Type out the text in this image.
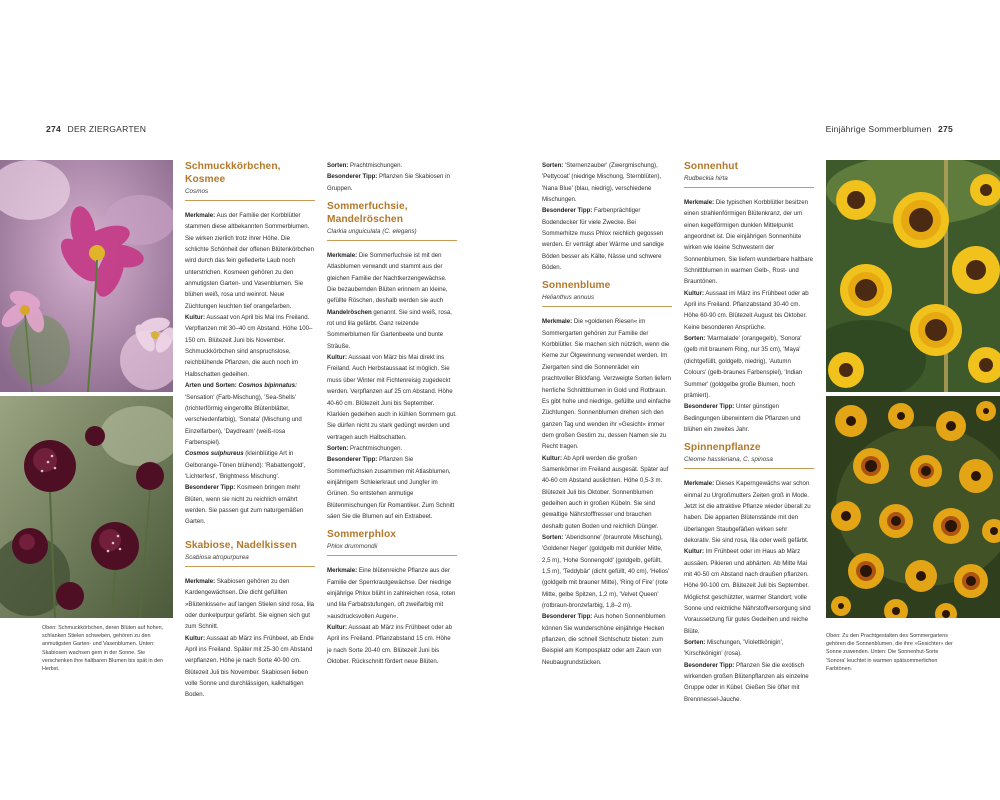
274 DER ZIERGARTEN	Einjährige Sommerblumen 275
Oben: Schmuckkörbchen, deren Blüten auf hohen, schlanken Stielen schweben, gehören zu den anmutigsten Garten- und Vasenblumen. Unten: Skabiosen wachsen gern in der Sonne. Sie verschenken ihre haltbaren Blumen bis spät in den Herbst.
Schmuckkörbchen, Kosmee
Cosmos

Merkmale: Aus der Familie der Korbblütler stammen diese altbekannten Sommerblumen. Sie wirken zierlich trotz ihrer Höhe. Die schlichte Schönheit der offenen Blütenkörbchen wird durch das fein gefiederte Laub noch unterstrichen. Kosmeen gehören zu den anmutigsten Garten- und Vasenblumen. Sie blühen weiß, rosa und weinrot. Neue Züchtungen leuchten tief orangefarben.

Kultur: Aussaat von April bis Mai ins Freiland. Verpflanzen mit 30–40 cm Abstand. Höhe 100–150 cm. Blütezeit Juni bis November. Schmuckkörbchen sind anspruchslose, reichblühende Pflanzen, die auch noch im Halbschatten gedeihen.

Arten und Sorten: Cosmos bipinnatus: 'Sensation' (Farb-Mischung), 'Sea-Shells' (trichterförmig eingerollte Blütenblätter, verschiedenfarbig), 'Sonata' (Mischung und Einzelfarben), 'Daydream' (weiß-rosa Farbenspiel).

Cosmos sulphureus (kleinblütige Art in Gelborange-Tönen blühend): 'Rabattengold', 'Lichterfest', 'Brightness Mischung'.

Besonderer Tipp: Kosmeen bringen mehr Blüten, wenn sie nicht zu reichlich ernährt werden. Sie passen gut zum naturgemäßen Garten.

Skabiose, Nadelkissen
Scabiosa atropurpurea

Merkmale: Skabiosen gehören zu den Kardengewächsen. Die dicht gefüllten »Blütenkissen« auf langen Stielen sind rosa, lila oder dunkelpurpur gefärbt. Sie eignen sich gut zum Schnitt.

Kultur: Aussaat ab März ins Frühbeet, ab Ende April ins Freiland. Später mit 25-30 cm Abstand verpflanzen. Höhe je nach Sorte 40-90 cm. Blütezeit Juli bis November. Skabiosen lieben volle Sonne und durchlässigen, kalkhaltigen Boden.

Sorten: Prachtmischungen.

Besonderer Tipp: Pflanzen Sie Skabiosen in Gruppen.

Sommerfuchsie, Mandelröschen
Clarkia unguiculata (C. elegans)

Merkmale: Die Sommerfuchsie ist mit den Atlasblumen verwandt und stammt aus der gleichen Familie der Nachtkerzengewächse. Die bezaubernden Blüten erinnern an kleine, gefüllte Röschen, deshalb werden sie auch Mandelröschen genannt. Sie sind weiß, rosa, rot und lila gefärbt. Ganz reizende Sommerblumen für Gartenbeete und bunte Sträuße.

Kultur: Aussaat von März bis Mai direkt ins Freiland. Auch Herbstaussaat ist möglich. Sie muss über Winter mit Fichtenreisig zugedeckt werden. Verpflanzen auf 25 cm Abstand. Höhe 40-60 cm. Blütezeit Juni bis September. Klarkien gedeihen auch in kühlen Sommern gut. Sie dürfen nicht zu stark gedüngt werden und vertragen auch Halbschatten.

Sorten: Prachtmischungen.

Besonderer Tipp: Pflanzen Sie Sommerfuchsien zusammen mit Atlasblumen, einjährigem Schleierkraut und Jungfer im Grünen. So entstehen anmutige Blütenmischungen für Romantiker. Zum Schnitt säen Sie die Blumen auf ein Extrabeet.

Sommerphlox
Phlox drummondii

Merkmale: Eine blütenreiche Pflanze aus der Familie der Sperrkrautgewächse. Der niedrige einjährige Phlox blüht in zahlreichen rosa, roten und lila Farbabstufungen, oft zweifarbig mit »ausdrucksvollen Augen«.

Kultur: Aussaat ab März ins Frühbeet oder ab April ins Freiland. Pflanzabstand 15 cm. Höhe je nach Sorte 20-40 cm. Blütezeit Juni bis Oktober. Rückschnitt fördert neue Blüten.

Sorten: 'Sternenzauber' (Zwergmischung), 'Pettycoat' (niedrige Mischung, Sternblüten), 'Nana Blue' (blau, niedrig), verschiedene Mischungen.

Besonderer Tipp: Farbenprächtiger Bodendecker für viele Zwecke. Bei Sommerhitze muss Phlox reichlich gegossen werden. Er verträgt aber Wärme und sandige Böden besser als Kälte, Nässe und schwere Böden.

Sonnenblume
Helianthus annuus

Merkmale: Die »goldenen Riesen« im Sommergarten gehören zur Familie der Korbblütler. Sie machen sich nützlich, wenn die Kerne zur Ölgewinnung verwendet werden. Im Ziergarten sind die Sonnenräder ein prachtvoller Blickfang. Verzweigte Sorten liefern herrliche Schnittblumen in Gold und Rotbraun. Es gibt hohe und niedrige, gefüllte und einfache Züchtungen. Sonnenblumen drehen sich den ganzen Tag und wenden ihr »Gesicht« immer dem großen Gestirn zu, dessen Namen sie zu Recht tragen.

Kultur: Ab April werden die großen Samenkörner im Freiland ausgesät. Später auf 40-60 cm Abstand auslichten. Höhe 0,5-3 m. Blütezeit Juli bis Oktober. Sonnenblumen gedeihen auch in großen Kübeln. Sie sind gewaltige Nährstofffresser und brauchen deshalb guten Boden und reichlich Dünger.

Sorten: 'Abendsonne' (braunrote Mischung), 'Goldener Neger' (goldgelb mit dunkler Mitte, 2,5 m), 'Hohe Sonnengold' (goldgelb, gefüllt, 1,5 m), 'Teddybär' (dicht gefüllt, 40 cm), 'Helios' (goldgelb mit brauner Mitte), 'Ring of Fire' (rote Mitte, gelbe Spitzen, 1,2 m), 'Velvet Queen' (rotbraun-bronzefarbig, 1,8–2 m).

Besonderer Tipp: Aus hohen Sonnenblumen können Sie wunderschöne einjährige Hecken pflanzen, die schnell Sichtschutz bieten: zum Beispiel am Komposplatz oder am Zaun von Neubaugrundstücken.

Sonnenhut
Rudbeckia hirta

Merkmale: Die typischen Korbblütler besitzen einen strahlenförmigen Blütenkranz, der um einen kegelförmigen dunklen Mittelpunkt angeordnet ist. Die einjährigen Sonnenhüte wirken wie kleine Schwestern der Sonnenblumen. Sie liefern wunderbare haltbare Schnittblumen in warmen Gelb-, Rost- und Brauntönen.

Kultur: Aussaat im März ins Frühbeet oder ab April ins Freiland. Pflanzabstand 30-40 cm. Höhe 60-90 cm. Blütezeit August bis Oktober. Keine besonderen Ansprüche.

Sorten: 'Marmalade' (orangegelb), 'Sonora' (gelb mit braunem Ring, nur 35 cm), 'Maya' (dichtgefüllt, goldgelb, niedrig), 'Autumn Colours' (gelb-braunes Farbenspiel), 'Indian Summer' (goldgelbe große Blumen, hoch prämiert).

Besonderer Tipp: Unter günstigen Bedingungen überwintern die Pflanzen und blühen ein zweites Jahr.

Spinnenpflanze
Cleome hassleriana, C. spinosa

Merkmale: Dieses Kaperngewächs war schon einmal zu Urgroßmutters Zeiten groß in Mode. Jetzt ist die attraktive Pflanze wieder überall zu haben. Die apparten Blütenstände mit den überlangen Staubgefäßen wirken sehr dekorativ. Sie sind rosa, lila oder weiß gefärbt.

Kultur: Im Frühbeet oder im Haus ab März aussäen. Pikieren und abhärten. Ab Mitte Mai mit 40-50 cm Abstand nach draußen pflanzen. Höhe 90-100 cm. Blütezeit Juli bis September. Möglichst geschützter, warmer Standort; volle Sonne und reichliche Nährstoffversorgung sind Voraussetzung für gutes Gedeihen und reiche Blüte.

Sorten: Mischungen, 'Violettkönigin', 'Kirschkönigin' (rosa).

Besonderer Tipp: Pflanzen Sie die exotisch wirkenden großen Blütenpflanzen als einzelne Gruppe oder in Kübel. Gießen Sie öfter mit Brennnessel-Jauche.

Oben: Zu den Prachtgestalten des Sommergartens gehören die Sonnenblumen, die ihre »Gesichter« der Sonne zuwenden. Unten: Die Sonnenhut-Sorte 'Sonora' leuchtet in warmen spätsommerlichen Farbtönen.
